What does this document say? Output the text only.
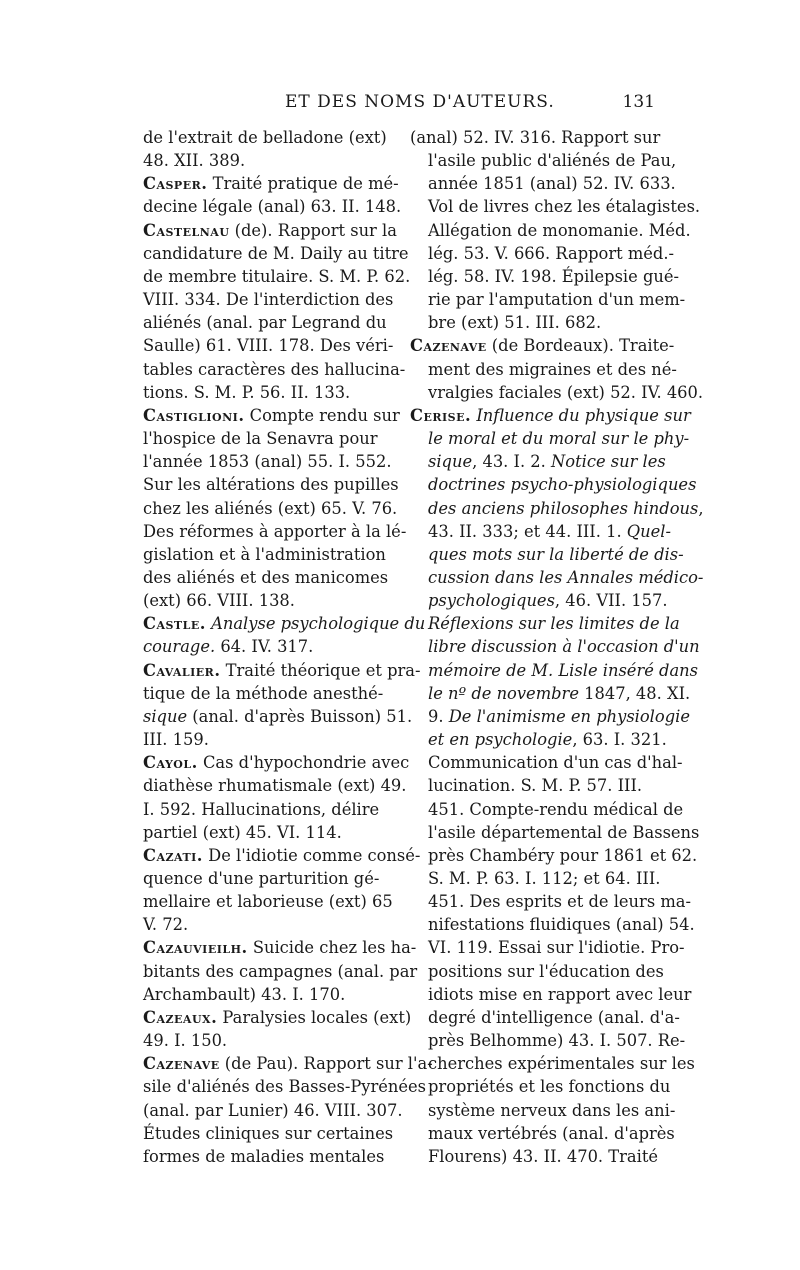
ET DES NOMS D'AUTEURS.	131
de l'extrait de belladone (ext)
48. XII. 389.
Casper. Traité pratique de mé-
decine légale (anal) 63. II. 148.
Castelnau (de). Rapport sur la
candidature de M. Daily au titre
de membre titulaire. S. M. P. 62.
VIII. 334. De l'interdiction des
aliénés (anal. par Legrand du
Saulle) 61. VIII. 178. Des véri-
tables caractères des hallucina-
tions. S. M. P. 56. II. 133.
Castiglioni. Compte rendu sur
l'hospice de la Senavra pour
l'année 1853 (anal) 55. I. 552.
Sur les altérations des pupilles
chez les aliénés (ext) 65. V. 76.
Des réformes à apporter à la lé-
gislation et à l'administration
des aliénés et des manicomes
(ext) 66. VIII. 138.
Castle. Analyse psychologique du
courage. 64. IV. 317.
Cavalier. Traité théorique et pra-
tique de la méthode anesthé-
sique (anal. d'après Buisson) 51.
III. 159.
Cayol. Cas d'hypochondrie avec
diathèse rhumatismale (ext) 49.
I. 592. Hallucinations, délire
partiel (ext) 45. VI. 114.
Cazati. De l'idiotie comme consé-
quence d'une parturition gé-
mellaire et laborieuse (ext) 65
V. 72.
Cazauvieilh. Suicide chez les ha-
bitants des campagnes (anal. par
Archambault) 43. I. 170.
Cazeaux. Paralysies locales (ext)
49. I. 150.
Cazenave (de Pau). Rapport sur l'a-
sile d'aliénés des Basses-Pyrénées
(anal. par Lunier) 46. VIII. 307.
Études cliniques sur certaines
formes de maladies mentales
(anal) 52. IV. 316. Rapport sur
l'asile public d'aliénés de Pau,
année 1851 (anal) 52. IV. 633.
Vol de livres chez les étalagistes.
Allégation de monomanie. Méd.
lég. 53. V. 666. Rapport méd.-
lég. 58. IV. 198. Épilepsie gué-
rie par l'amputation d'un mem-
bre (ext) 51. III. 682.
Cazenave (de Bordeaux). Traite-
ment des migraines et des né-
vralgies faciales (ext) 52. IV. 460.
Cerise. Influence du physique sur
le moral et du moral sur le phy-
sique, 43. I. 2. Notice sur les
doctrines psycho-physiologiques
des anciens philosophes hindous,
43. II. 333; et 44. III. 1. Quel-
ques mots sur la liberté de dis-
cussion dans les Annales médico-
psychologiques, 46. VII. 157.
Réflexions sur les limites de la
libre discussion à l'occasion d'un
mémoire de M. Lisle inséré dans
le nº de novembre 1847, 48. XI.
9. De l'animisme en physiologie
et en psychologie, 63. I. 321.
Communication d'un cas d'hal-
lucination. S. M. P. 57. III.
451. Compte-rendu médical de
l'asile départemental de Bassens
près Chambéry pour 1861 et 62.
S. M. P. 63. I. 112; et 64. III.
451. Des esprits et de leurs ma-
nifestations fluidiques (anal) 54.
VI. 119. Essai sur l'idiotie. Pro-
positions sur l'éducation des
idiots mise en rapport avec leur
degré d'intelligence (anal. d'a-
près Belhomme) 43. I. 507. Re-
cherches expérimentales sur les
propriétés et les fonctions du
système nerveux dans les ani-
maux vertébrés (anal. d'après
Flourens) 43. II. 470. Traité
